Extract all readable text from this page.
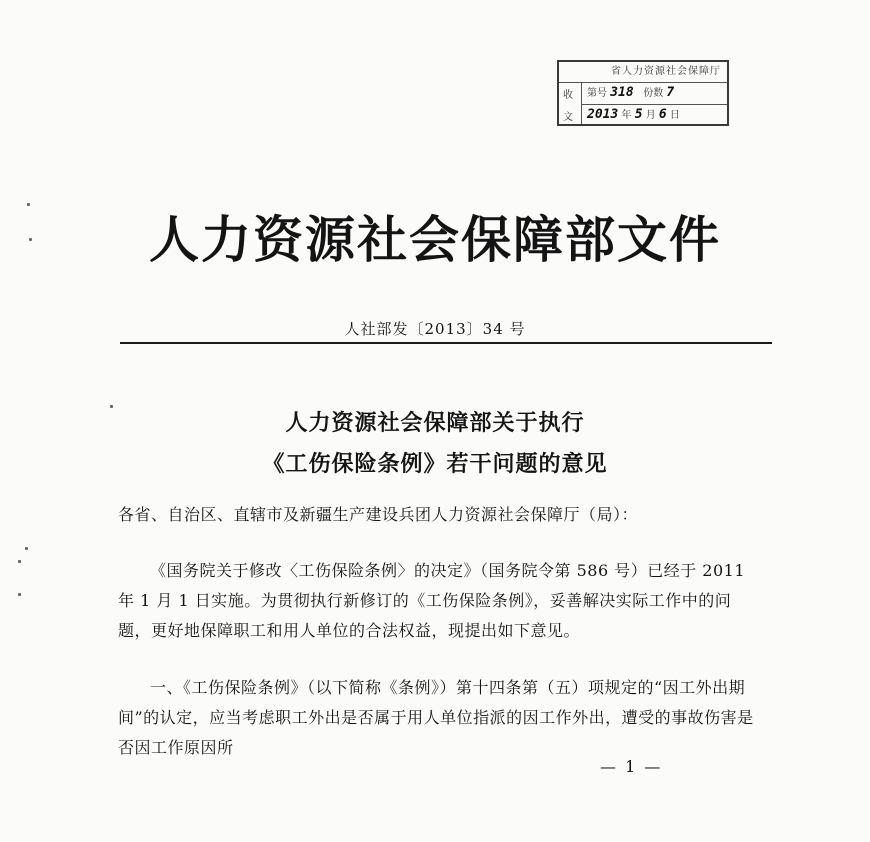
省人力资源社会保障厅
收
文
第号 318 份数 7
2013 年 5 月 6 日
人力资源社会保障部文件
人社部发〔2013〕34 号
人力资源社会保障部关于执行
《工伤保险条例》若干问题的意见
各省、自治区、直辖市及新疆生产建设兵团人力资源社会保障厅（局）：
《国务院关于修改〈工伤保险条例〉的决定》（国务院令第 586 号）已经于 2011 年 1 月 1 日实施。为贯彻执行新修订的《工伤保险条例》，妥善解决实际工作中的问题，更好地保障职工和用人单位的合法权益，现提出如下意见。
一、《工伤保险条例》（以下简称《条例》）第十四条第（五）项规定的“因工外出期间”的认定，应当考虑职工外出是否属于用人单位指派的因工作外出，遭受的事故伤害是否因工作原因所
— 1 —
